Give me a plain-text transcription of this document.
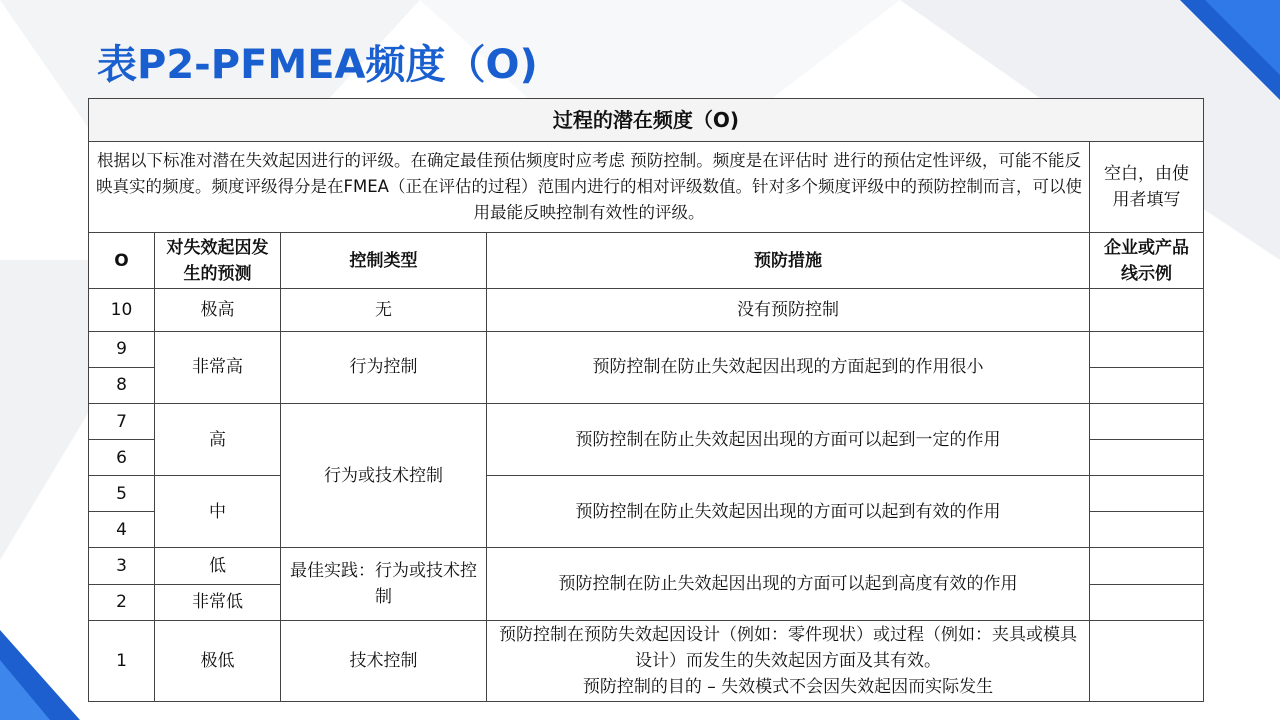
表P2-PFMEA频度（O)
过程的潜在频度（O)				
根据以下标准对潜在失效起因进行的评级。在确定最佳预估频度时应考虑 预防控制。频度是在评估时 进行的预估定性评级，可能不能反映真实的频度。频度评级得分是在FMEA（正在评估的过程）范围内进行的相对评级数值。针对多个频度评级中的预防控制而言，可以使用最能反映控制有效性的评级。				空白，由使用者填写
O	对失效起因发生的预测	控制类型	预防措施	企业或产品线示例
10	极高	无	没有预防控制	
9	非常高	行为控制	预防控制在防止失效起因出现的方面起到的作用很小	
8				
7	高	行为或技术控制	预防控制在防止失效起因出现的方面可以起到一定的作用	
6				
5	中		预防控制在防止失效起因出现的方面可以起到有效的作用	
4				
3	低	最佳实践：行为或技术控制	预防控制在防止失效起因出现的方面可以起到高度有效的作用	
2	非常低			
1	极低	技术控制	预防控制在预防失效起因设计（例如：零件现状）或过程（例如：夹具或模具设计）而发生的失效起因方面及其有效。
预防控制的目的 – 失效模式不会因失效起因而实际发生	
